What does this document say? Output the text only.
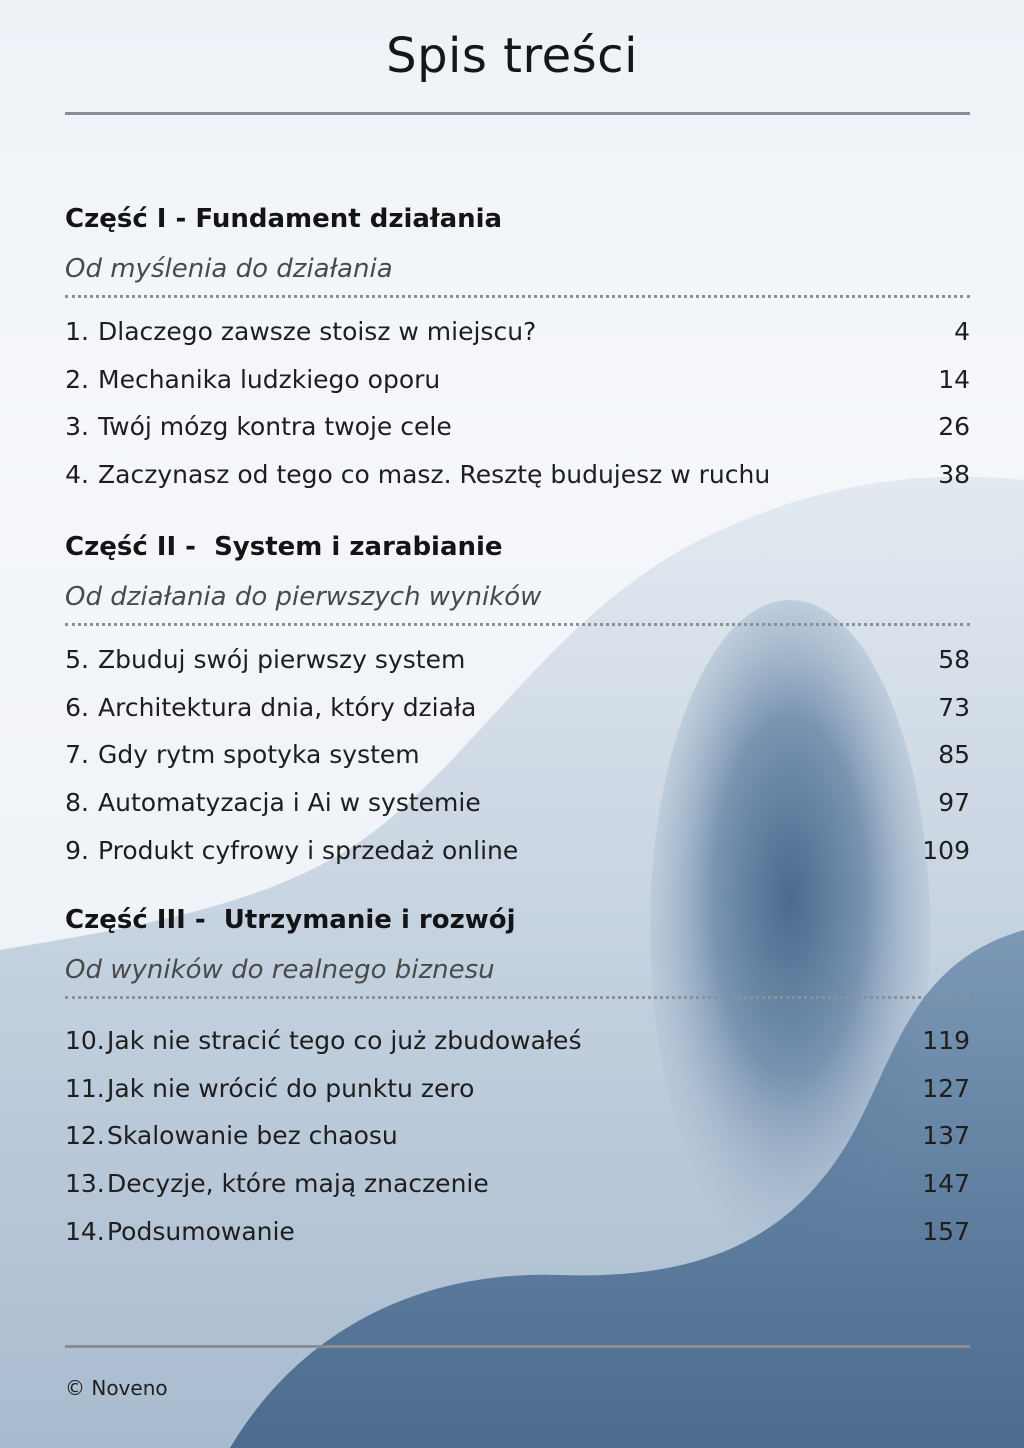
Spis treści
Część I - Fundament działania
Od myślenia do działania
1. Dlaczego zawsze stoisz w miejscu?	4
2. Mechanika ludzkiego oporu	14
3. Twój mózg kontra twoje cele	26
4. Zaczynasz od tego co masz. Resztę budujesz w ruchu	38
Część II -  System i zarabianie
Od działania do pierwszych wyników
5. Zbuduj swój pierwszy system	58
6. Architektura dnia, który działa	73
7. Gdy rytm spotyka system	85
8. Automatyzacja i Ai w systemie	97
9. Produkt cyfrowy i sprzedaż online	109
Część III -  Utrzymanie i rozwój
Od wyników do realnego biznesu
10. Jak nie stracić tego co już zbudowałeś	119
11. Jak nie wrócić do punktu zero	127
12. Skalowanie bez chaosu	137
13. Decyzje, które mają znaczenie	147
14. Podsumowanie	157
© Noveno
